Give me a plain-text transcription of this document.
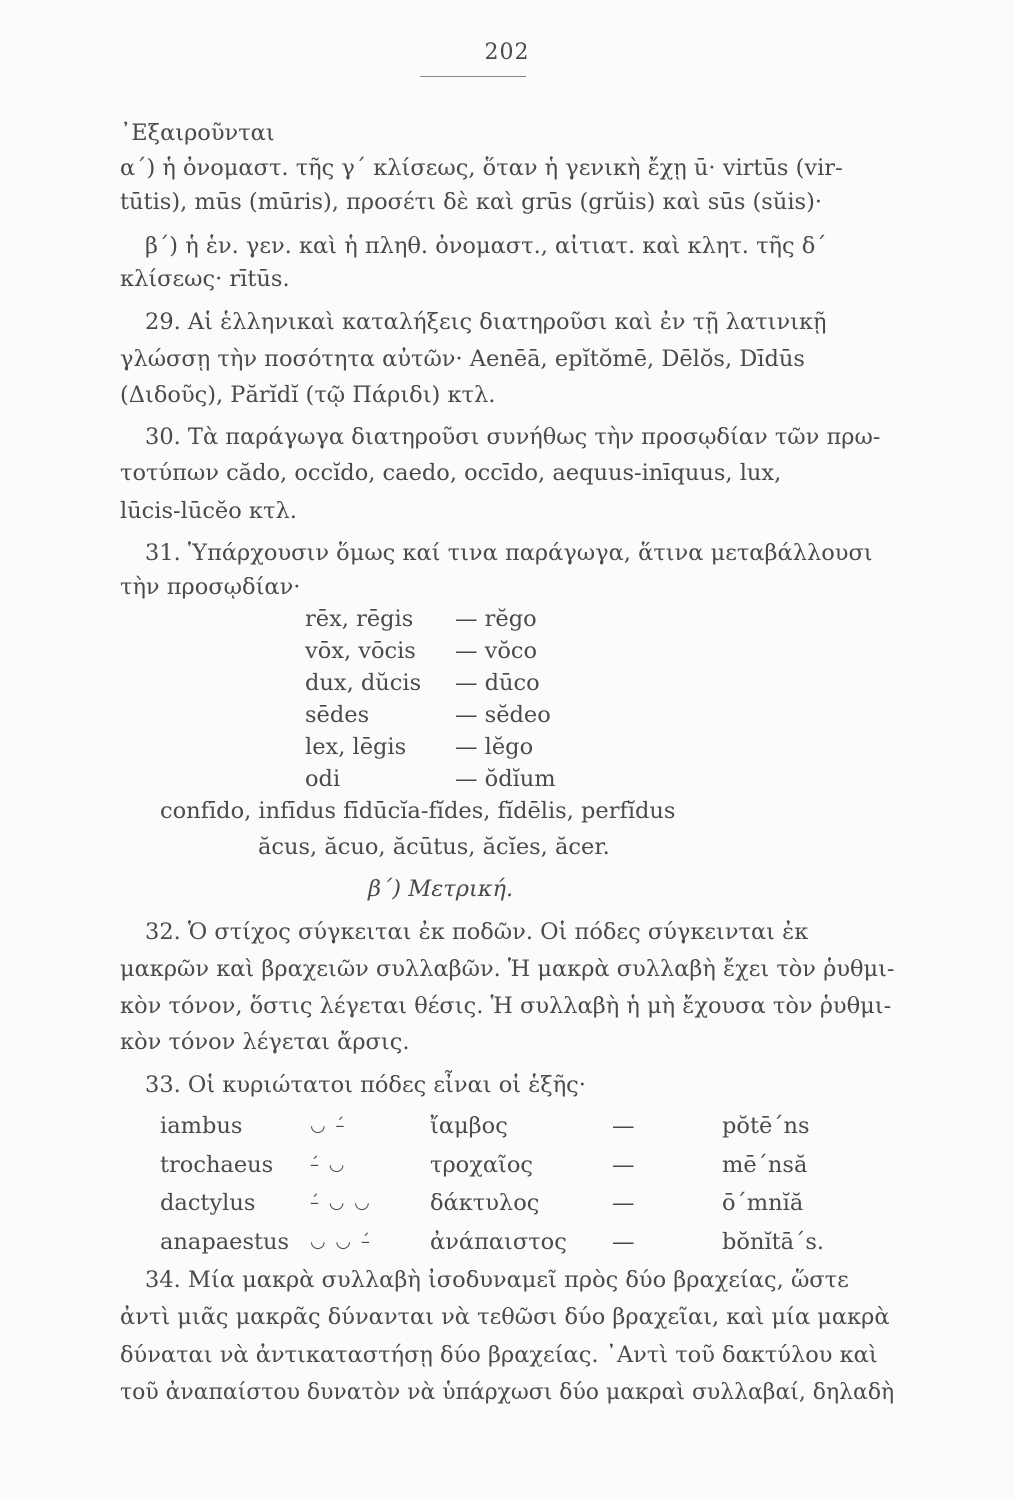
202
᾽Εξαιροῦνται
α΄) ἡ ὀνομαστ. τῆς γ΄ κλίσεως, ὅταν ἡ γενικὴ ἔχῃ ū· virtūs (vir-
tūtis), mūs (mūris), προσέτι δὲ καὶ grūs (grŭis) καὶ sūs (sŭis)·
β΄) ἡ ἑν. γεν. καὶ ἡ πληθ. ὀνομαστ., αἰτιατ. καὶ κλητ. τῆς δ΄
κλίσεως· rītūs.
29. Αἱ ἑλληνικαὶ καταλήξεις διατηροῦσι καὶ ἐν τῇ λατινικῇ
γλώσσῃ τὴν ποσότητα αὐτῶν· Aenēā, epĭtŏmē, Dēlŏs, Dīdūs
(Διδοῦς), Părĭdĭ (τῷ Πάριδι) κτλ.
30. Τὰ παράγωγα διατηροῦσι συνήθως τὴν προσῳδίαν τῶν πρω-
τοτύπων cădo, occĭdo, caedo, occīdo, aequus-inīquus, lux,
lūcis-lūcĕo κτλ.
31. Ὑπάρχουσιν ὅμως καί τινα παράγωγα, ἅτινα μεταβάλλουσι
τὴν προσῳδίαν·
rēx, rēgis	— rĕgo
vōx, vōcis	— vŏco
dux, dŭcis	— dūco
sēdes	— sĕdeo
lex, lēgis	— lĕgo
odi	— ŏdĭum
confīdo, infīdus fīdūcĭa-fĭdes, fĭdēlis, perfĭdus
ăcus, ăcuo, ăcūtus, ăcĭes, ăcer.
β΄) Μετρική.
32. Ὁ στίχος σύγκειται ἐκ ποδῶν. Οἱ πόδες σύγκεινται ἐκ
μακρῶν καὶ βραχειῶν συλλαβῶν. Ἡ μακρὰ συλλαβὴ ἔχει τὸν ῥυθμι-
κὸν τόνον, ὅστις λέγεται θέσις. Ἡ συλλαβὴ ἡ μὴ ἔχουσα τὸν ῥυθμι-
κὸν τόνον λέγεται ἄρσις.
33. Οἱ κυριώτατοι πόδες εἶναι οἱ ἑξῆς·
iambus	◡ –́	ἴαμβος	—	pŏtē´ns
trochaeus	–́ ◡	τροχαῖος	—	mē´nsă
dactylus	–́ ◡ ◡	δάκτυλος	—	ō´mnĭă
anapaestus	◡ ◡ –́	ἀνάπαιστος	—	bŏnĭtā´s.
34. Μία μακρὰ συλλαβὴ ἰσοδυναμεῖ πρὸς δύο βραχείας, ὥστε
ἀντὶ μιᾶς μακρᾶς δύνανται νὰ τεθῶσι δύο βραχεῖαι, καὶ μία μακρὰ
δύναται νὰ ἀντικαταστήσῃ δύο βραχείας. ᾽Αντὶ τοῦ δακτύλου καὶ
τοῦ ἀναπαίστου δυνατὸν νὰ ὑπάρχωσι δύο μακραὶ συλλαβαί, δηλαδὴ
